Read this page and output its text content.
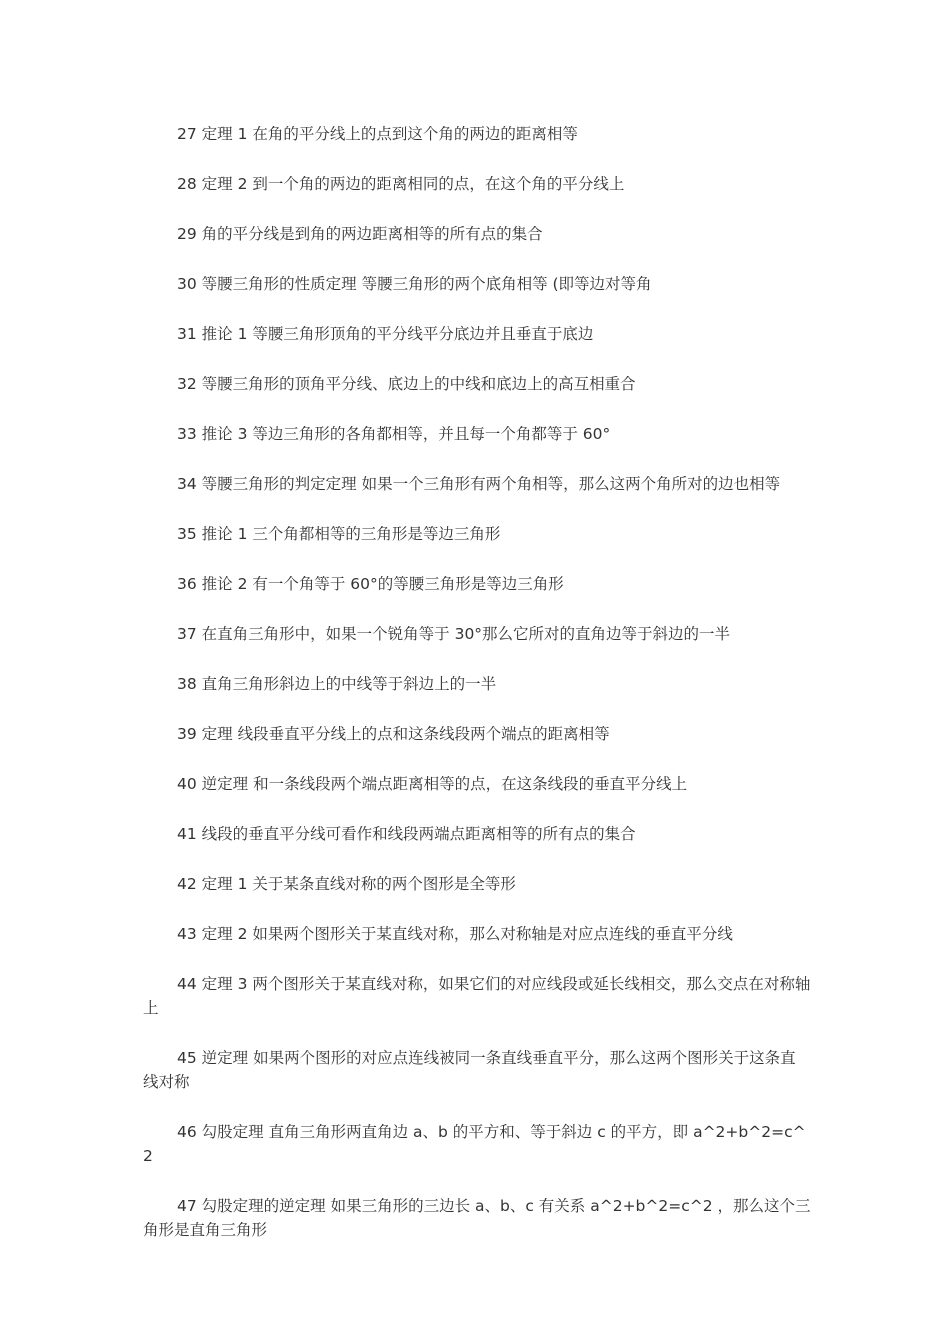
27 定理 1 在角的平分线上的点到这个角的两边的距离相等

28 定理 2 到一个角的两边的距离相同的点，在这个角的平分线上

29 角的平分线是到角的两边距离相等的所有点的集合

30 等腰三角形的性质定理 等腰三角形的两个底角相等 (即等边对等角

31 推论 1 等腰三角形顶角的平分线平分底边并且垂直于底边

32 等腰三角形的顶角平分线、底边上的中线和底边上的高互相重合

33 推论 3 等边三角形的各角都相等，并且每一个角都等于 60°

34 等腰三角形的判定定理 如果一个三角形有两个角相等，那么这两个角所对的边也相等

35 推论 1 三个角都相等的三角形是等边三角形

36 推论 2 有一个角等于 60°的等腰三角形是等边三角形

37 在直角三角形中，如果一个锐角等于 30°那么它所对的直角边等于斜边的一半

38 直角三角形斜边上的中线等于斜边上的一半

39 定理 线段垂直平分线上的点和这条线段两个端点的距离相等

40 逆定理 和一条线段两个端点距离相等的点，在这条线段的垂直平分线上

41 线段的垂直平分线可看作和线段两端点距离相等的所有点的集合

42 定理 1 关于某条直线对称的两个图形是全等形

43 定理 2 如果两个图形关于某直线对称，那么对称轴是对应点连线的垂直平分线

44 定理 3 两个图形关于某直线对称，如果它们的对应线段或延长线相交，那么交点在对称轴上

45 逆定理 如果两个图形的对应点连线被同一条直线垂直平分，那么这两个图形关于这条直线对称

46 勾股定理 直角三角形两直角边 a、b 的平方和、等于斜边 c 的平方，即 a^2+b^2=c^2

47 勾股定理的逆定理 如果三角形的三边长 a、b、c 有关系 a^2+b^2=c^2 ，那么这个三角形是直角三角形
